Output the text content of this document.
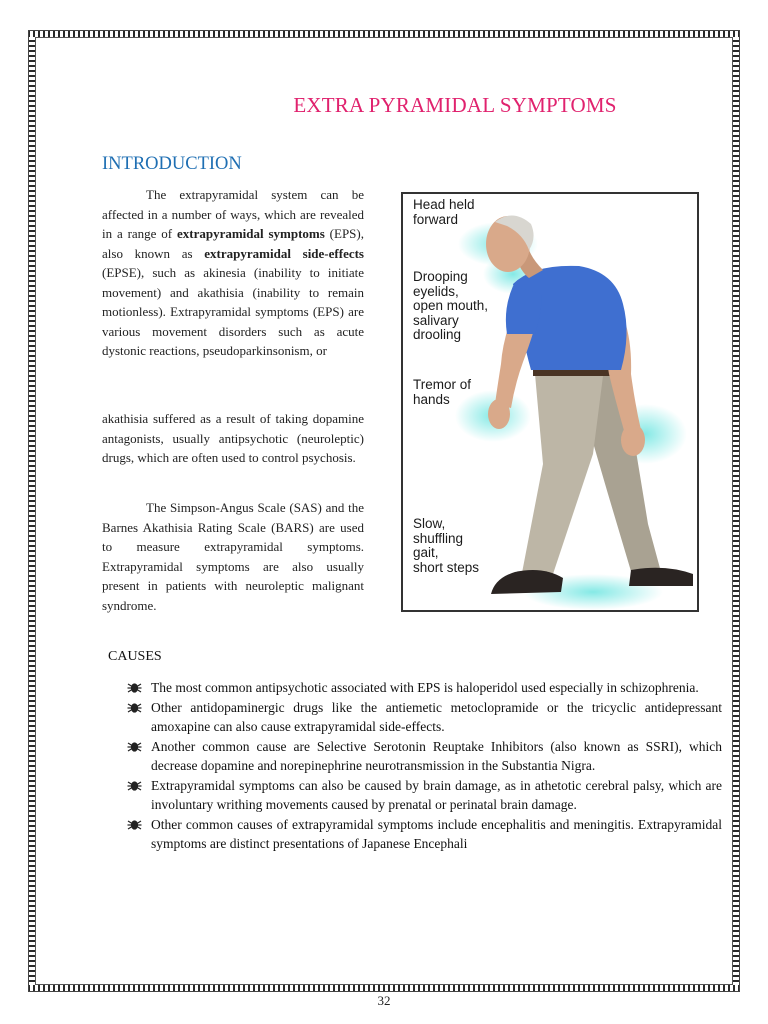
EXTRA PYRAMIDAL SYMPTOMS
INTRODUCTION

The extrapyramidal system can be affected in a number of ways, which are revealed in a range of extrapyramidal symptoms (EPS), also known as extrapyramidal side-effects (EPSE), such as akinesia (inability to initiate movement) and akathisia (inability to remain motionless). Extrapyramidal symptoms (EPS) are various movement disorders such as acute dystonic reactions, pseudoparkinsonism, or

akathisia suffered as a result of taking dopamine antagonists, usually antipsychotic (neuroleptic) drugs, which are often used to control psychosis.

The Simpson-Angus Scale (SAS) and the Barnes Akathisia Rating Scale (BARS) are used to measure extrapyramidal symptoms. Extrapyramidal symptoms are also usually present in patients with neuroleptic malignant syndrome.

Head held
forward
Drooping
eyelids,
open mouth,
salivary
drooling
Tremor of
hands
Slow,
shuffling
gait,
short steps
CAUSES
The most common antipsychotic associated with EPS is haloperidol used especially in schizophrenia.
Other antidopaminergic drugs like the antiemetic metoclopramide or the tricyclic antidepressant amoxapine can also cause extrapyramidal side-effects.
Another common cause are Selective Serotonin Reuptake Inhibitors (also known as SSRI), which decrease dopamine and norepinephrine neurotransmission in the Substantia Nigra.
Extrapyramidal symptoms can also be caused by brain damage, as in athetotic cerebral palsy, which are involuntary writhing movements caused by prenatal or perinatal brain damage.
Other common causes of extrapyramidal symptoms include encephalitis and meningitis. Extrapyramidal symptoms are distinct presentations of Japanese Encephali
32
